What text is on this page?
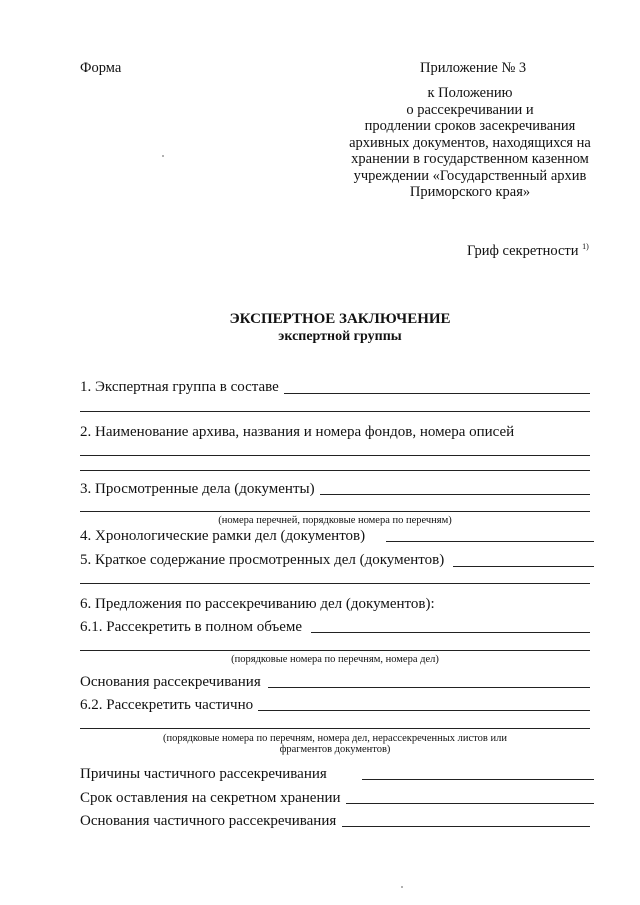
Форма	Приложение № 3
к Положению
о рассекречивании и
продлении сроков засекречивания
архивных документов, находящихся на
хранении в государственном казенном
учреждении «Государственный архив
Приморского края»
Гриф секретности $^{1)}$
ЭКСПЕРТНОЕ ЗАКЛЮЧЕНИЕ
экспертной группы
1. Экспертная группа в составе
2. Наименование архива, названия и номера фондов, номера описей
3. Просмотренные дела (документы)
(номера перечней, порядковые номера по перечням)
4. Хронологические рамки дел (документов)
5. Краткое содержание просмотренных дел (документов)
6. Предложения по рассекречиванию дел (документов):
6.1. Рассекретить в полном объеме
(порядковые номера по перечням, номера дел)
Основания рассекречивания
6.2. Рассекретить частично
(порядковые номера по перечням, номера дел, нерассекреченных листов или
фрагментов документов)
Причины частичного рассекречивания
Срок оставления на секретном хранении
Основания частичного рассекречивания
